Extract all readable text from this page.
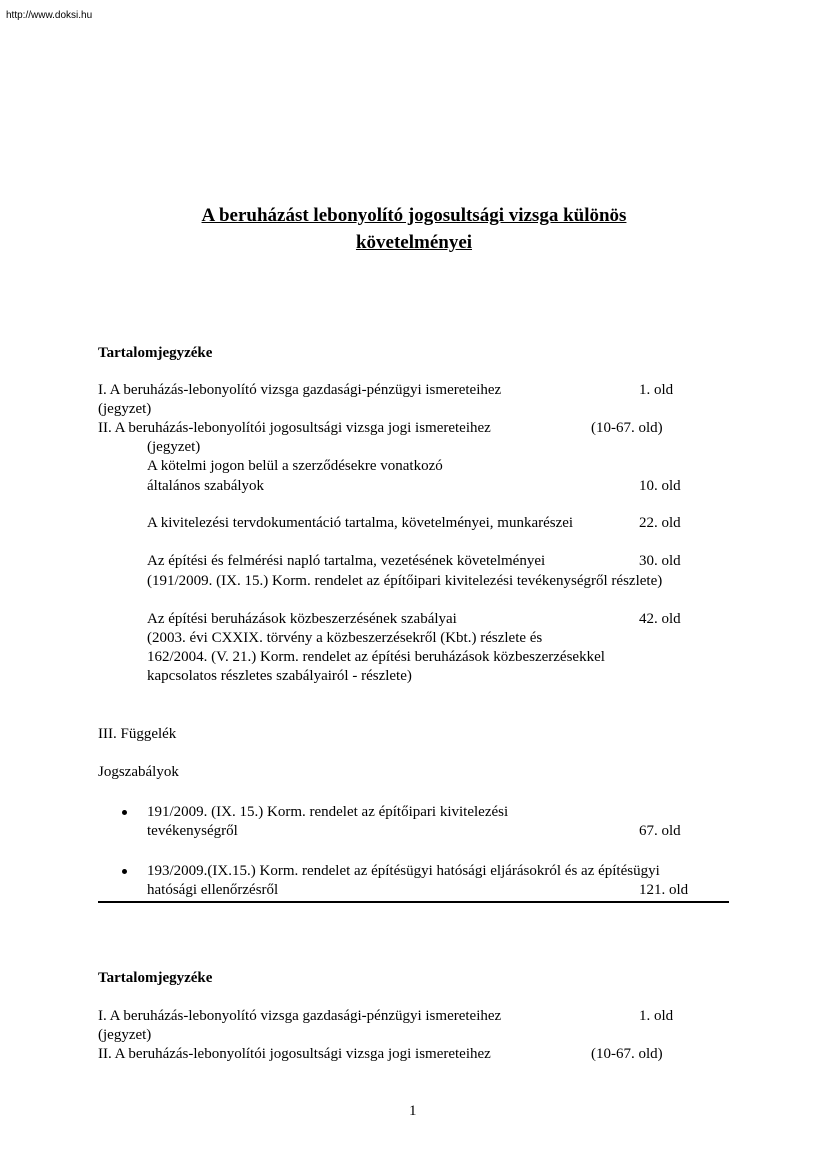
http://www.doksi.hu
A beruházást lebonyolító jogosultsági vizsga különös
követelményei
Tartalomjegyzéke
I. A beruházás-lebonyolító vizsga gazdasági-pénzügyi ismereteihez	1. old
(jegyzet)
II. A beruházás-lebonyolítói jogosultsági vizsga jogi ismereteihez	(10-67. old)
(jegyzet)
A kötelmi jogon belül a szerződésekre vonatkozó
általános szabályok	10. old
A kivitelezési tervdokumentáció tartalma, követelményei, munkarészei	22. old
Az építési és felmérési napló tartalma, vezetésének követelményei	30. old
(191/2009. (IX. 15.) Korm. rendelet az építőipari kivitelezési tevékenységről részlete)
Az építési beruházások közbeszerzésének szabályai	42. old
(2003. évi CXXIX. törvény a közbeszerzésekről (Kbt.) részlete és
162/2004. (V. 21.) Korm. rendelet az építési beruházások közbeszerzésekkel
kapcsolatos részletes szabályairól - részlete)
III. Függelék
Jogszabályok
191/2009. (IX. 15.) Korm. rendelet az építőipari kivitelezési
tevékenységről	67. old
193/2009.(IX.15.) Korm. rendelet az építésügyi hatósági eljárásokról és az építésügyi
hatósági ellenőrzésről	121. old
Tartalomjegyzéke
I. A beruházás-lebonyolító vizsga gazdasági-pénzügyi ismereteihez	1. old
(jegyzet)
II. A beruházás-lebonyolítói jogosultsági vizsga jogi ismereteihez	(10-67. old)
1
